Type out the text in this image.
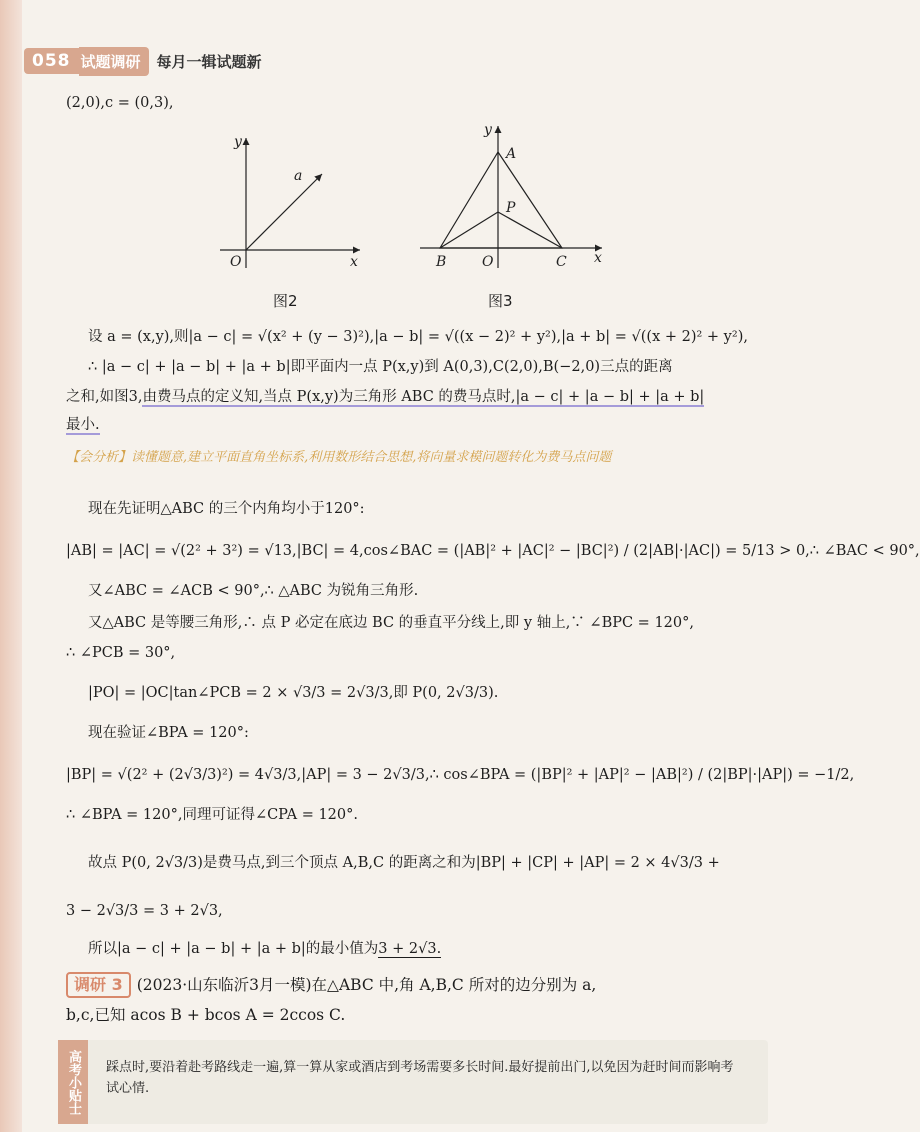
058 试题调研	每月一辑试题新
(2,0),c = (0,3),
y
x
O
a
图2
y
x
O
A
P
B	C
图3
设 a = (x,y),则|a − c| = √(x² + (y − 3)²),|a − b| = √((x − 2)² + y²),|a + b| = √((x + 2)² + y²),
∴ |a − c| + |a − b| + |a + b|即平面内一点 P(x,y)到 A(0,3),C(2,0),B(−2,0)三点的距离
之和,如图3,由费马点的定义知,当点 P(x,y)为三角形 ABC 的费马点时,|a − c| + |a − b| + |a + b|
最小.
【会分析】读懂题意,建立平面直角坐标系,利用数形结合思想,将向量求模问题转化为费马点问题
现在先证明△ABC 的三个内角均小于120°:
|AB| = |AC| = √(2² + 3²) = √13,|BC| = 4,cos∠BAC = (|AB|² + |AC|² − |BC|²) / (2|AB|·|AC|) = 5/13 > 0,∴ ∠BAC < 90°,
又∠ABC = ∠ACB < 90°,∴ △ABC 为锐角三角形.
又△ABC 是等腰三角形,∴ 点 P 必定在底边 BC 的垂直平分线上,即 y 轴上,∵ ∠BPC = 120°,
∴ ∠PCB = 30°,
|PO| = |OC|tan∠PCB = 2 × √3/3 = 2√3/3,即 P(0, 2√3/3).
现在验证∠BPA = 120°:
|BP| = √(2² + (2√3/3)²) = 4√3/3,|AP| = 3 − 2√3/3,∴ cos∠BPA = (|BP|² + |AP|² − |AB|²) / (2|BP|·|AP|) = −1/2,
∴ ∠BPA = 120°,同理可证得∠CPA = 120°.
故点 P(0, 2√3/3)是费马点,到三个顶点 A,B,C 的距离之和为|BP| + |CP| + |AP| = 2 × 4√3/3 +
3 − 2√3/3 = 3 + 2√3,
所以|a − c| + |a − b| + |a + b|的最小值为3 + 2√3.
调研 3 (2023·山东临沂3月一模)在△ABC 中,角 A,B,C 所对的边分别为 a,
b,c,已知 acos B + bcos A = 2ccos C.
高考小贴士	踩点时,要沿着赴考路线走一遍,算一算从家或酒店到考场需要多长时间.最好提前出门,以免因为赶时间而影响考试心情.
